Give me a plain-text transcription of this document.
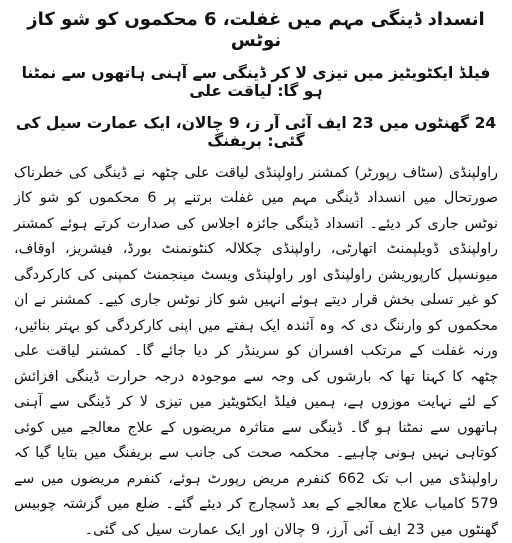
انسداد ڈینگی مہم میں غفلت، 6 محکموں کو شو کاز نوٹس
فیلڈ ایکٹویٹیز میں تیزی لا کر ڈینگی سے آہنی ہاتھوں سے نمٹنا ہو گا: لیاقت علی
24 گھنٹوں میں 23 ایف آئی آر ز، 9 چالان، ایک عمارت سیل کی گئی: بریفنگ

راولپنڈی (سٹاف رپورٹر) کمشنر راولپنڈی لیاقت علی چٹھہ نے ڈینگی کی خطرناک صورتحال میں انسداد ڈینگی مہم میں غفلت برتنے پر 6 محکموں کو شو کاز نوٹس جاری کر دیئے۔ انسداد ڈینگی جائزہ اجلاس کی صدارت کرتے ہوئے کمشنر راولپنڈی ڈویلپمنٹ اتھارٹی، راولپنڈی چکلالہ کنٹونمنٹ بورڈ، فیشریز، اوقاف، میونسپل کارپوریشن راولپنڈی اور راولپنڈی ویسٹ مینجمنٹ کمپنی کی کارکردگی کو غیر تسلی بخش قرار دیتے ہوئے انہیں شو کاز نوٹس جاری کیے۔ کمشنر نے ان محکموں کو وارننگ دی کہ وہ آئندہ ایک ہفتے میں اپنی کارکردگی کو بہتر بنائیں، ورنہ غفلت کے مرتکب افسران کو سرینڈر کر دیا جائے گا۔ کمشنر لیاقت علی چٹھہ کا کہنا تھا کہ بارشوں کی وجہ سے موجودہ درجہ حرارت ڈینگی افزائش کے لئے نہایت موزوں ہے، ہمیں فیلڈ ایکٹویٹیز میں تیزی لا کر ڈینگی سے آہنی ہاتھوں سے نمٹنا ہو گا۔ ڈینگی سے متاثرہ مریضوں کے علاج معالجے میں کوئی کوتاہی نہیں ہونی چاہیے۔ محکمہ صحت کی جانب سے بریفنگ میں بتایا گیا کہ راولپنڈی میں اب تک 662 کنفرم مریض رپورٹ ہوئے، کنفرم مریضوں میں سے 579 کامیاب علاج معالجے کے بعد ڈسچارج کر دیئے گئے۔ ضلع میں گزشتہ چوبیس گھنٹوں میں 23 ایف آئی آرز، 9 چالان اور ایک عمارت سیل کی گئی۔
